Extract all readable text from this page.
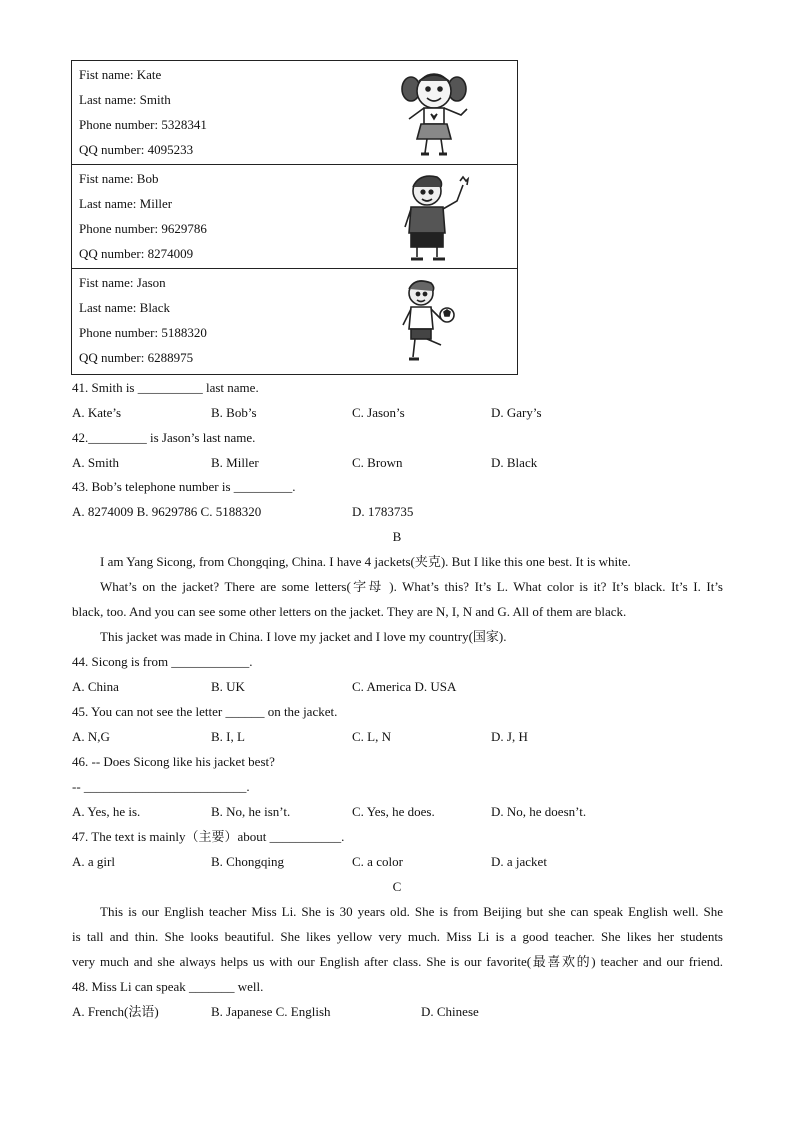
Fist name: Kate
Last name: Smith
Phone number: 5328341
QQ number: 4095233
Fist name: Bob
Last name: Miller
Phone number: 9629786
QQ number: 8274009
Fist name: Jason
Last name: Black
Phone number: 5188320
QQ number: 6288975
41. Smith is __________ last name.
A. Kate’s	B. Bob’s	C. Jason’s	D. Gary’s
42._________ is Jason’s last name.
A. Smith	B. Miller	C. Brown	D. Black
43. Bob’s telephone number is _________.
A. 8274009 B. 9629786 C. 5188320	D. 1783735
B
I am Yang Sicong, from Chongqing, China. I have 4 jackets(夹克). But I like this one best. It is white.
What’s on the jacket? There are some letters(字母 ). What’s this? It’s L. What color is it? It’s black. It’s I. It’s
black, too. And you can see some other letters on the jacket. They are N, I, N and G. All of them are black.
This jacket was made in China. I love my jacket and I love my country(国家).
44. Sicong is from ____________.
A. China	B. UK	C. America D. USA
45. You can not see the letter ______ on the jacket.
A. N,G	B. I, L	C. L, N	D. J, H
46. -- Does Sicong like his jacket best?
-- _________________________.
A. Yes, he is.	B. No, he isn’t.	C. Yes, he does.	D. No, he doesn’t.
47. The text is mainly（主要）about ___________.
A. a girl	B. Chongqing	C. a color	D. a jacket
C
This is our English teacher Miss Li. She is 30 years old. She is from Beijing but she can speak English well. She
is tall and thin. She looks beautiful. She likes yellow very much. Miss Li is a good teacher. She likes her students
very much and she always helps us with our English after class. She is our favorite(最喜欢的) teacher and our friend.
48. Miss Li can speak _______ well.
A. French(法语)	B. Japanese C. English	D. Chinese
